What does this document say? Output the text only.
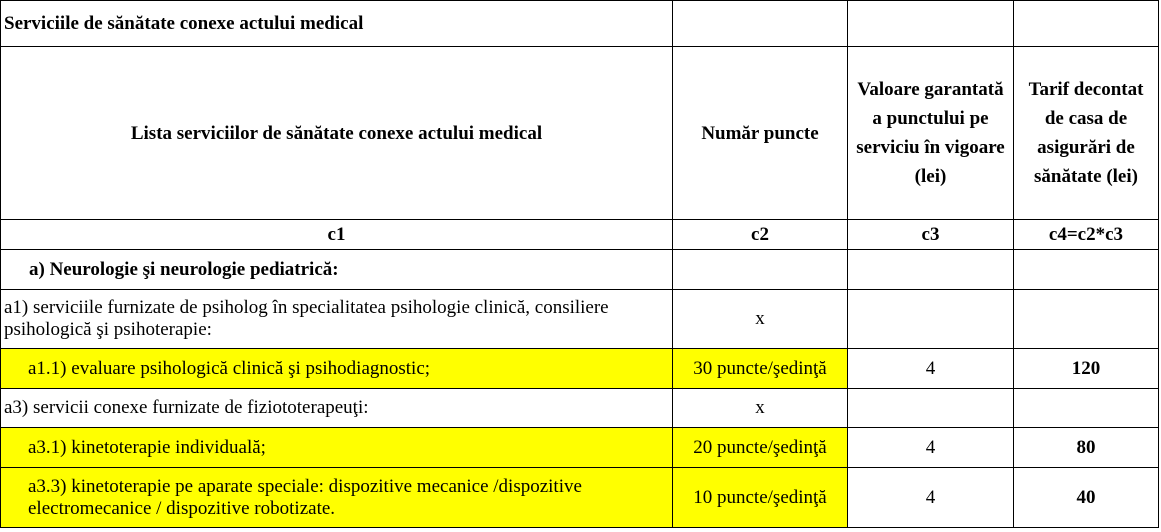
Serviciile de sănătate conexe actului medical			
Lista serviciilor de sănătate conexe actului medical	Număr puncte	Valoare garantată a punctului pe serviciu în vigoare (lei)	Tarif decontat de casa de asigurări de sănătate (lei)
c1	c2	c3	c4=c2*c3
a) Neurologie şi neurologie pediatrică:			
a1) serviciile furnizate de psiholog în specialitatea psihologie clinică, consiliere psihologică şi psihoterapie:	x		
a1.1) evaluare psihologică clinică şi psihodiagnostic;	30 puncte/şedinţă	4	120
a3) servicii conexe furnizate de fiziototerapeuţi:	x		
a3.1) kinetoterapie individuală;	20 puncte/şedinţă	4	80
a3.3) kinetoterapie pe aparate speciale: dispozitive mecanice /dispozitive electromecanice / dispozitive robotizate.	10 puncte/şedinţă	4	40
